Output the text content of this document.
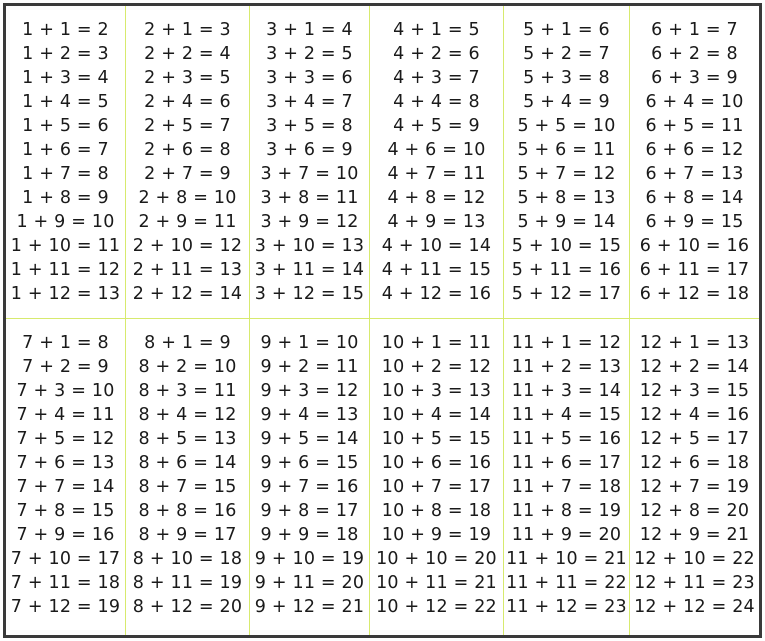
1 + 1 = 2
1 + 2 = 3
1 + 3 = 4
1 + 4 = 5
1 + 5 = 6
1 + 6 = 7
1 + 7 = 8
1 + 8 = 9
1 + 9 = 10
1 + 10 = 11
1 + 11 = 12
1 + 12 = 13
2 + 1 = 3
2 + 2 = 4
2 + 3 = 5
2 + 4 = 6
2 + 5 = 7
2 + 6 = 8
2 + 7 = 9
2 + 8 = 10
2 + 9 = 11
2 + 10 = 12
2 + 11 = 13
2 + 12 = 14
3 + 1 = 4
3 + 2 = 5
3 + 3 = 6
3 + 4 = 7
3 + 5 = 8
3 + 6 = 9
3 + 7 = 10
3 + 8 = 11
3 + 9 = 12
3 + 10 = 13
3 + 11 = 14
3 + 12 = 15
4 + 1 = 5
4 + 2 = 6
4 + 3 = 7
4 + 4 = 8
4 + 5 = 9
4 + 6 = 10
4 + 7 = 11
4 + 8 = 12
4 + 9 = 13
4 + 10 = 14
4 + 11 = 15
4 + 12 = 16
5 + 1 = 6
5 + 2 = 7
5 + 3 = 8
5 + 4 = 9
5 + 5 = 10
5 + 6 = 11
5 + 7 = 12
5 + 8 = 13
5 + 9 = 14
5 + 10 = 15
5 + 11 = 16
5 + 12 = 17
6 + 1 = 7
6 + 2 = 8
6 + 3 = 9
6 + 4 = 10
6 + 5 = 11
6 + 6 = 12
6 + 7 = 13
6 + 8 = 14
6 + 9 = 15
6 + 10 = 16
6 + 11 = 17
6 + 12 = 18
7 + 1 = 8
7 + 2 = 9
7 + 3 = 10
7 + 4 = 11
7 + 5 = 12
7 + 6 = 13
7 + 7 = 14
7 + 8 = 15
7 + 9 = 16
7 + 10 = 17
7 + 11 = 18
7 + 12 = 19
8 + 1 = 9
8 + 2 = 10
8 + 3 = 11
8 + 4 = 12
8 + 5 = 13
8 + 6 = 14
8 + 7 = 15
8 + 8 = 16
8 + 9 = 17
8 + 10 = 18
8 + 11 = 19
8 + 12 = 20
9 + 1 = 10
9 + 2 = 11
9 + 3 = 12
9 + 4 = 13
9 + 5 = 14
9 + 6 = 15
9 + 7 = 16
9 + 8 = 17
9 + 9 = 18
9 + 10 = 19
9 + 11 = 20
9 + 12 = 21
10 + 1 = 11
10 + 2 = 12
10 + 3 = 13
10 + 4 = 14
10 + 5 = 15
10 + 6 = 16
10 + 7 = 17
10 + 8 = 18
10 + 9 = 19
10 + 10 = 20
10 + 11 = 21
10 + 12 = 22
11 + 1 = 12
11 + 2 = 13
11 + 3 = 14
11 + 4 = 15
11 + 5 = 16
11 + 6 = 17
11 + 7 = 18
11 + 8 = 19
11 + 9 = 20
11 + 10 = 21
11 + 11 = 22
11 + 12 = 23
12 + 1 = 13
12 + 2 = 14
12 + 3 = 15
12 + 4 = 16
12 + 5 = 17
12 + 6 = 18
12 + 7 = 19
12 + 8 = 20
12 + 9 = 21
12 + 10 = 22
12 + 11 = 23
12 + 12 = 24
